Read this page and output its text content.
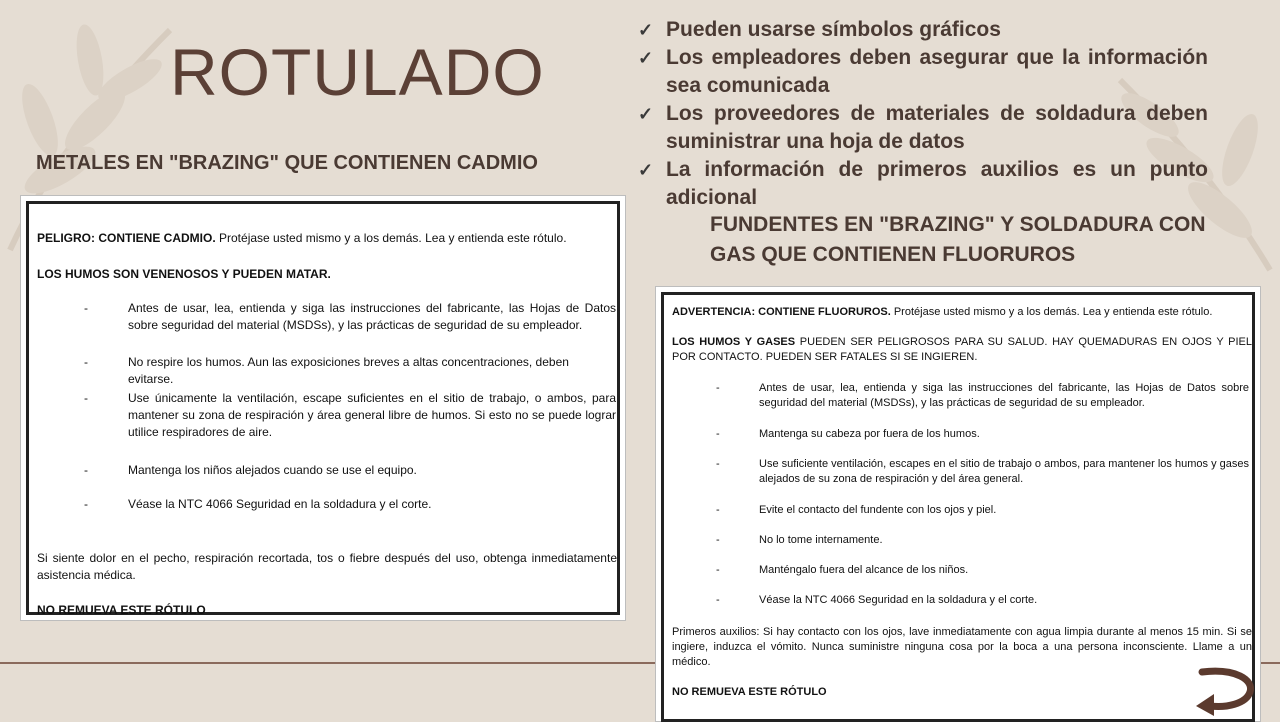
ROTULADO
METALES EN "BRAZING" QUE CONTIENEN CADMIO
✓ Pueden usarse símbolos gráficos
✓ Los empleadores deben asegurar que la información sea comunicada
✓ Los proveedores de materiales de soldadura deben suministrar una hoja de datos
✓ La información de primeros auxilios es un punto adicional
FUNDENTES EN "BRAZING" Y SOLDADURA CON GAS QUE CONTIENEN FLUORUROS

PELIGRO: CONTIENE CADMIO. Protéjase usted mismo y a los demás. Lea y entienda este rótulo.

LOS HUMOS SON VENENOSOS Y PUEDEN MATAR.

-	Antes de usar, lea, entienda y siga las instrucciones del fabricante, las Hojas de Datos sobre seguridad del material (MSDSs), y las prácticas de seguridad de su empleador.

-	No respire los humos. Aun las exposiciones breves a altas concentraciones, deben evitarse.

-	Use únicamente la ventilación, escape suficientes en el sitio de trabajo, o ambos, para mantener su zona de respiración y área general libre de humos. Si esto no se puede lograr utilice respiradores de aire.

-	Mantenga los niños alejados cuando se use el equipo.

-	Véase la NTC 4066 Seguridad en la soldadura y el corte.

Si siente dolor en el pecho, respiración recortada, tos o fiebre después del uso, obtenga inmediatamente asistencia médica.

NO REMUEVA ESTE RÓTULO

ADVERTENCIA: CONTIENE FLUORUROS. Protéjase usted mismo y a los demás. Lea y entienda este rótulo.

LOS HUMOS Y GASES PUEDEN SER PELIGROSOS PARA SU SALUD. HAY QUEMADURAS EN OJOS Y PIEL POR CONTACTO. PUEDEN SER FATALES SI SE INGIEREN.

-	Antes de usar, lea, entienda y siga las instrucciones del fabricante, las Hojas de Datos sobre seguridad del material (MSDSs), y las prácticas de seguridad de su empleador.

-	Mantenga su cabeza por fuera de los humos.

-	Use suficiente ventilación, escapes en el sitio de trabajo o ambos, para mantener los humos y gases alejados de su zona de respiración y del área general.

-	Evite el contacto del fundente con los ojos y piel.

-	No lo tome internamente.

-	Manténgalo fuera del alcance de los niños.

-	Véase la NTC 4066 Seguridad en la soldadura y el corte.

Primeros auxilios: Si hay contacto con los ojos, lave inmediatamente con agua limpia durante al menos 15 min. Si se ingiere, induzca el vómito. Nunca suministre ninguna cosa por la boca a una persona inconsciente. Llame a un médico.

NO REMUEVA ESTE RÓTULO
